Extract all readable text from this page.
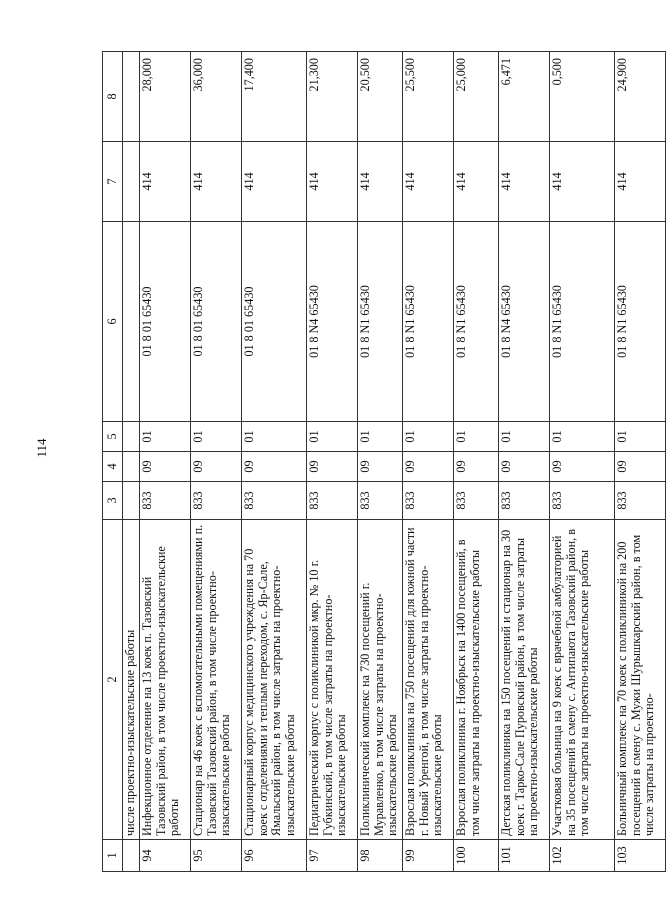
114
1	2	3	4	5	6	7	8
	числе проектно-изыскательские работы						
94	Инфекционное отделение на 13 коек п. Тазовский Тазовский район, в том числе проектно-изыскательские работы	833	09	01	01 8 01 65430	414	28,000
95	Стационар на 46 коек с вспомогательными помещениями п. Тазовский Тазовский район, в том числе проектно-изыскательские работы	833	09	01	01 8 01 65430	414	36,000
96	Стационарный корпус медицинского учреждения на 70 коек с отделениями и теплым переходом, с. Яр-Сале, Ямальский район, в том числе затраты на проектно-изыскательские работы	833	09	01	01 8 01 65430	414	17,400
97	Педиатрический корпус с поликлиникой мкр. № 10 г. Губкинский, в том числе затраты на проектно-изыскательские работы	833	09	01	01 8 N4 65430	414	21,300
98	Поликлинический комплекс на 730 посещений г. Муравленко, в том числе затраты на проектно-изыскательские работы	833	09	01	01 8 N1 65430	414	20,500
99	Взрослая поликлиника на 750 посещений для южной части г. Новый Уренгой, в том числе затраты на проектно-изыскательские работы	833	09	01	01 8 N1 65430	414	25,500
100	Взрослая поликлиника г. Ноябрьск на 1400 посещений, в том числе затраты на проектно-изыскательские работы	833	09	01	01 8 N1 65430	414	25,000
101	Детская поликлиника на 150 посещений и стационар на 30 коек г. Тарко-Сале Пуровский район, в том числе затраты на проектно-изыскательские работы	833	09	01	01 8 N4 65430	414	6,471
102	Участковая больница на 9 коек с врачебной амбулаторией на 35 посещений в смену с. Антипаюта Тазовский район, в том числе затраты на проектно-изыскательские работы	833	09	01	01 8 N1 65430	414	0,500
103	Больничный комплекс на 70 коек с поликлиникой на 200 посещений в смену с. Мужи Шурышкарский район, в том числе затраты на проектно-	833	09	01	01 8 N1 65430	414	24,900
